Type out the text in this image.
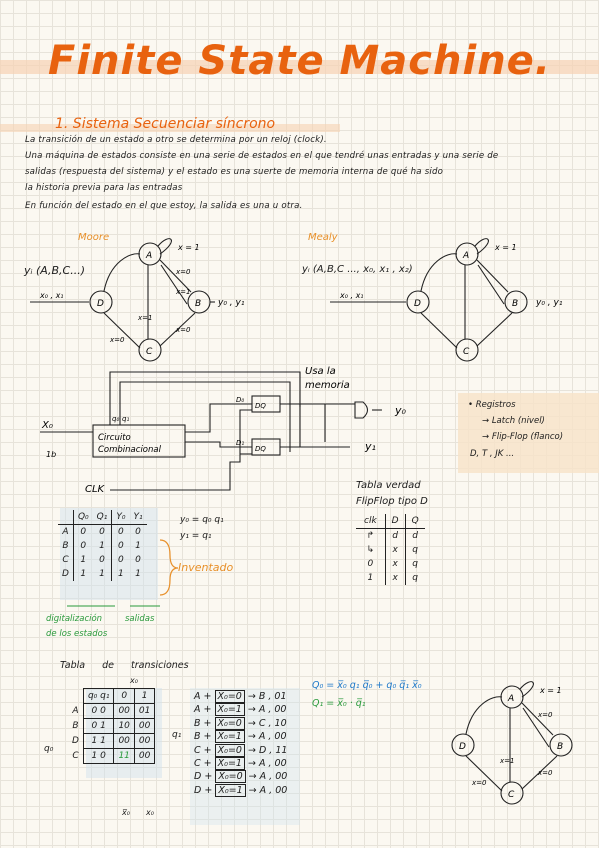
Finite State Machine.
1. Sistema Secuenciar síncrono
La transición de un estado a otro se determina por un reloj (clock).
Una máquina de estados consiste en una serie de estados en el que tendré unas entradas y una serie de
salidas (respuesta del sistema) y el estado es una suerte de memoria interna de qué ha sido
la historia previa para las entradas
En función del estado en el que estoy, la salida es una u otra.
Moore
yᵢ (A,B,C...)
A
B
C
D
x = 1
x=0
x=1
x=0
x=1
x=0
x₀ , x₁
y₀ , y₁
Mealy
yᵢ (A,B,C ..., x₀, x₁ , x₂)
A
B
C
D
x = 1
x₀ , x₁
y₀ , y₁
y₀
y₁
Usa la
memoria
Circuito
Combinacional
X₀
1b
q₀ q₁
D₀
D₁
DQ
DQ
CLK
• Registros
→ Latch (nivel)
→ Flip-Flop (flanco)
D, T , JK ...
	Q₀	Q₁	Y₀	Y₁
A	0	0	0	0
B	0	1	0	1
C	1	0	0	0
D	1	1	1	1
y₀ = q₀ q₁
y₁ = q₁
Inventado
digitalización
de los estados
salidas
Tabla verdad
FlipFlop tipo D
clk	D	Q
↱	d	d
↳	x	q
0	x	q
1	x	q
Tabla de transiciones
x₀
	q₀ q₁	0	1
A	0 0	00	01
B	0 1	10	00
D	1 1	00	00
C	1 0	11	00
q₀
q₁
x̅₀ x₀
A + X₀=0 → B , 01
A + X₀=1 → A , 00
B + X₀=0 → C , 10
B + X₀=1 → A , 00
C + X₀=0 → D , 11
C + X₀=1 → A , 00
D + X₀=0 → A , 00
D + X₀=1 → A , 00
Q₀ = x̅₀ q₁ q̅₀ + q₀ q̅₁ x̅₀
Q₁ = x̅₀ · q̅₁	A
B
C
D
x = 1
x=0
x=0
x=1
x=0
